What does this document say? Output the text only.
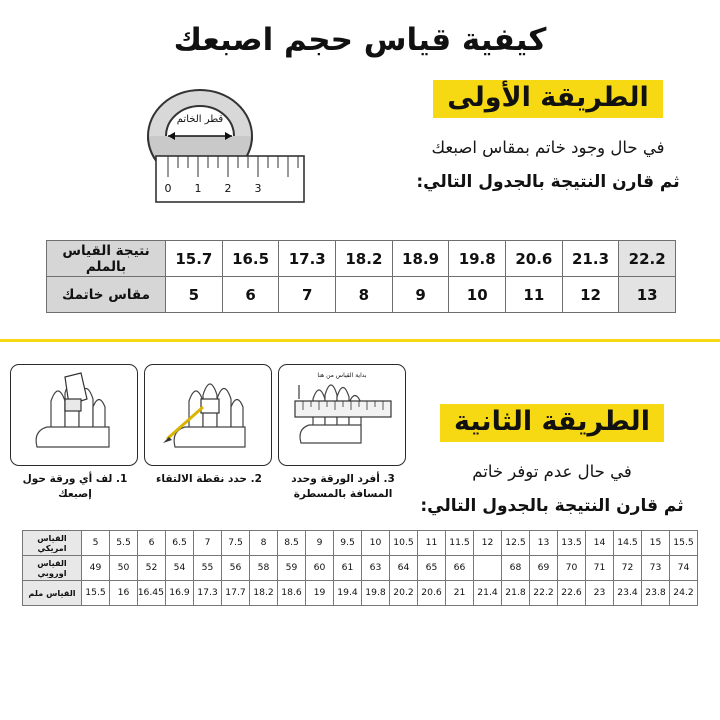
كيفية قياس حجم اصبعك
الطريقة الأولى
في حال وجود خاتم بمقاس اصبعك
ثم قارن النتيجة بالجدول التالي:
قطر الخاتم
0 1 2 3
22.2	21.3	20.6	19.8	18.9	18.2	17.3	16.5	15.7	نتيجة القياس بالملم
13	12	11	10	9	8	7	6	5	مقاس خاتمك
الطريقة الثانية
في حال عدم توفر خاتم
ثم قارن النتيجة بالجدول التالي:
بداية القياس من هنا
3. أفرد الورقة وحدد المسافة بالمسطرة
2. حدد نقطة الالتقاء
1. لف أي ورقة حول إصبعك
15.5	15	14.5	14	13.5	13	12.5	12	11.5	11	10.5	10	9.5	9	8.5	8	7.5	7	6.5	6	5.5	5	القياس امريكي
74	73	72	71	70	69	68		66	65	64	63	61	60	59	58	56	55	54	52	50	49	القياس اوروبي
24.2	23.8	23.4	23	22.6	22.2	21.8	21.4	21	20.6	20.2	19.8	19.4	19	18.6	18.2	17.7	17.3	16.9	16.45	16	15.5	القياس ملم
